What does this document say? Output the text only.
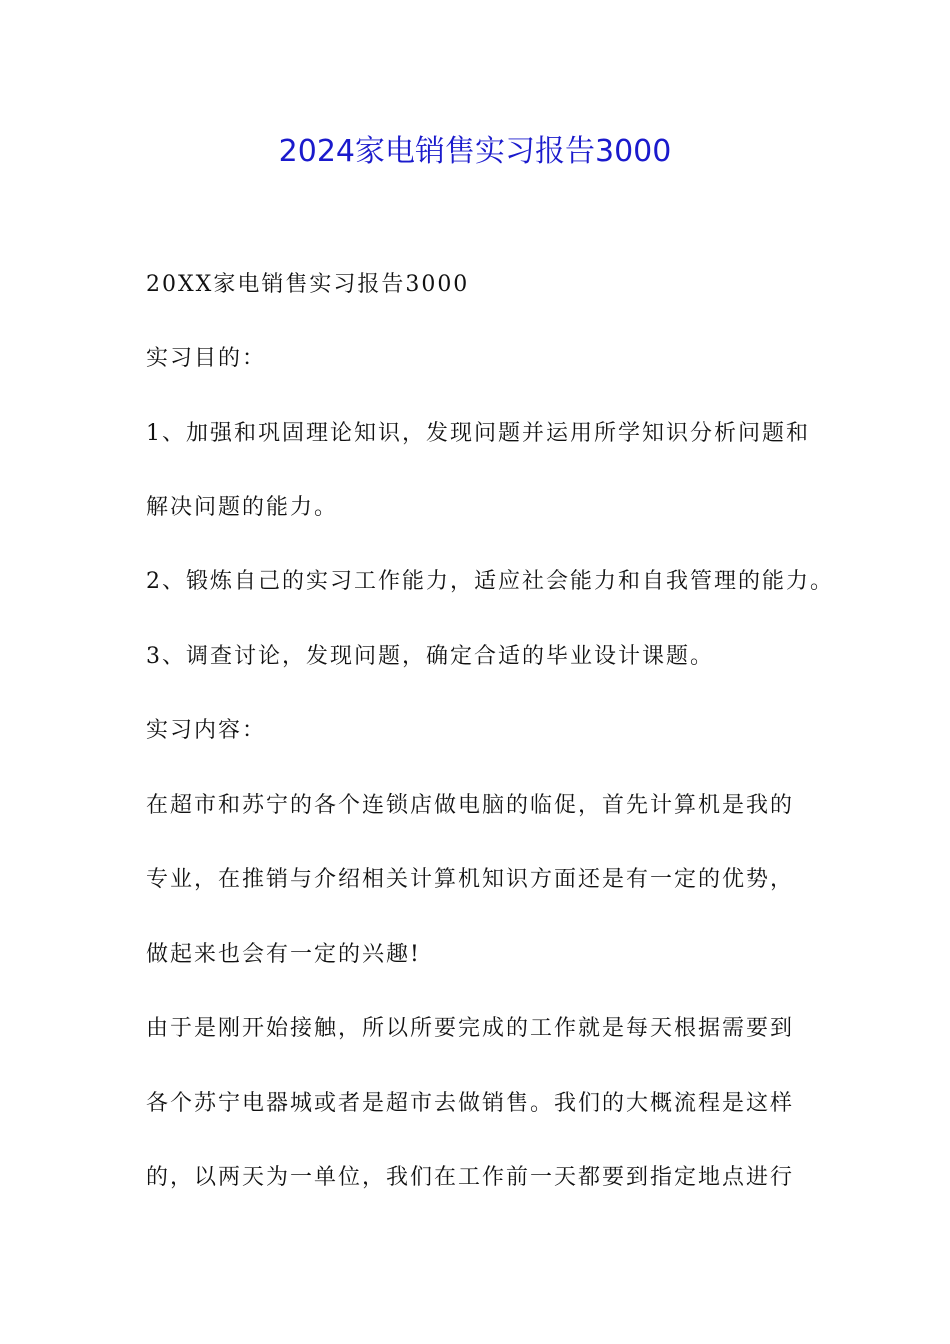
2024家电销售实习报告3000
20XX家电销售实习报告3000
实习目的：
1、加强和巩固理论知识，发现问题并运用所学知识分析问题和
解决问题的能力。
2、锻炼自己的实习工作能力，适应社会能力和自我管理的能力。
3、调查讨论，发现问题，确定合适的毕业设计课题。
实习内容：
在超市和苏宁的各个连锁店做电脑的临促，首先计算机是我的
专业，在推销与介绍相关计算机知识方面还是有一定的优势，
做起来也会有一定的兴趣!
由于是刚开始接触，所以所要完成的工作就是每天根据需要到
各个苏宁电器城或者是超市去做销售。我们的大概流程是这样
的，以两天为一单位，我们在工作前一天都要到指定地点进行
